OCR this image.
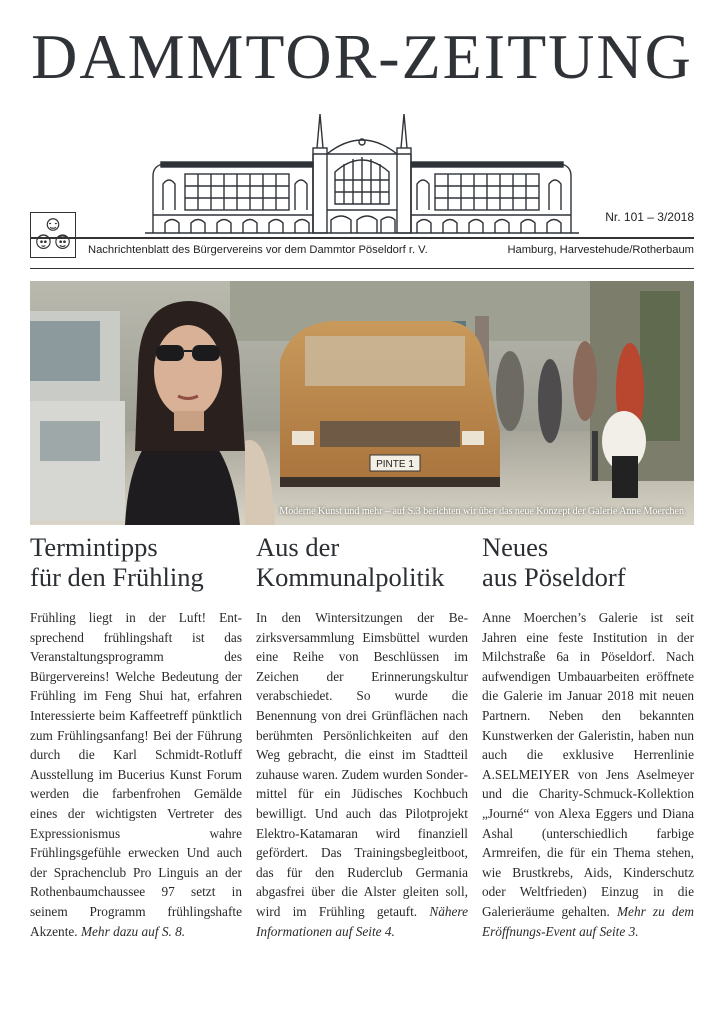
DAMMTOR-ZEITUNG
Nr. 101 – 3/2018
Nachrichtenblatt des Bürgervereins vor dem Dammtor Pöseldorf r. V.	Hamburg, Harvestehude/Rotherbaum
PINTE 1
Moderne Kunst und mehr – auf S.3 berichten wir über das neue Konzept der Galerie Anne Moerchen
Termintipps
für den Frühling

Frühling liegt in der Luft! Entsprechend frühlingshaft ist das Veranstaltungsprogramm des Bürgervereins! Welche Bedeutung der Frühling im Feng Shui hat, erfahren Interessierte beim Kaffeetreff pünktlich zum Frühlingsanfang! Bei der Führung durch die Karl Schmidt-Rotluff Ausstellung im Bucerius Kunst Forum werden die farbenfrohen Gemälde eines der wichtigsten Vertreter des Expressionismus wahre Frühlingsgefühle erwecken Und auch der Sprachenclub Pro Linguis an der Rothenbaumchaussee 97 setzt in seinem Programm frühlingshafte Akzente. Mehr dazu auf S. 8.

Aus der
Kommunalpolitik

In den Wintersitzungen der Bezirksversammlung Eimsbüttel wurden eine Reihe von Beschlüssen im Zeichen der Erinnerungskultur verabschiedet. So wurde die Benennung von drei Grünflächen nach berühmten Persönlichkeiten auf den Weg gebracht, die einst im Stadtteil zuhause waren. Zudem wurden Sondermittel für ein Jüdisches Kochbuch bewilligt. Und auch das Pilotprojekt Elektro-Katamaran wird finanziell gefördert. Das Trainingsbegleitboot, das für den Ruderclub Germania abgasfrei über die Alster gleiten soll, wird im Frühling getauft. Nähere Informationen auf Seite 4.

Neues
aus Pöseldorf

Anne Moerchen’s Galerie ist seit Jahren eine feste Institution in der Milchstraße 6a in Pöseldorf. Nach aufwendigen Umbauarbeiten eröffnete die Galerie im Januar 2018 mit neuen Partnern. Neben den bekannten Kunstwerken der Galeristin, haben nun auch die exklusive Herrenlinie A.SELMEIYER von Jens Aselmeyer und die Charity-Schmuck-Kollektion „Journé“ von Alexa Eggers und Diana Ashal (unterschiedlich farbige Armreifen, die für ein Thema stehen, wie Brustkrebs, Aids, Kinderschutz oder Weltfrieden) Einzug in die Galerieräume gehalten. Mehr zu dem Eröffnungs-Event auf Seite 3.
